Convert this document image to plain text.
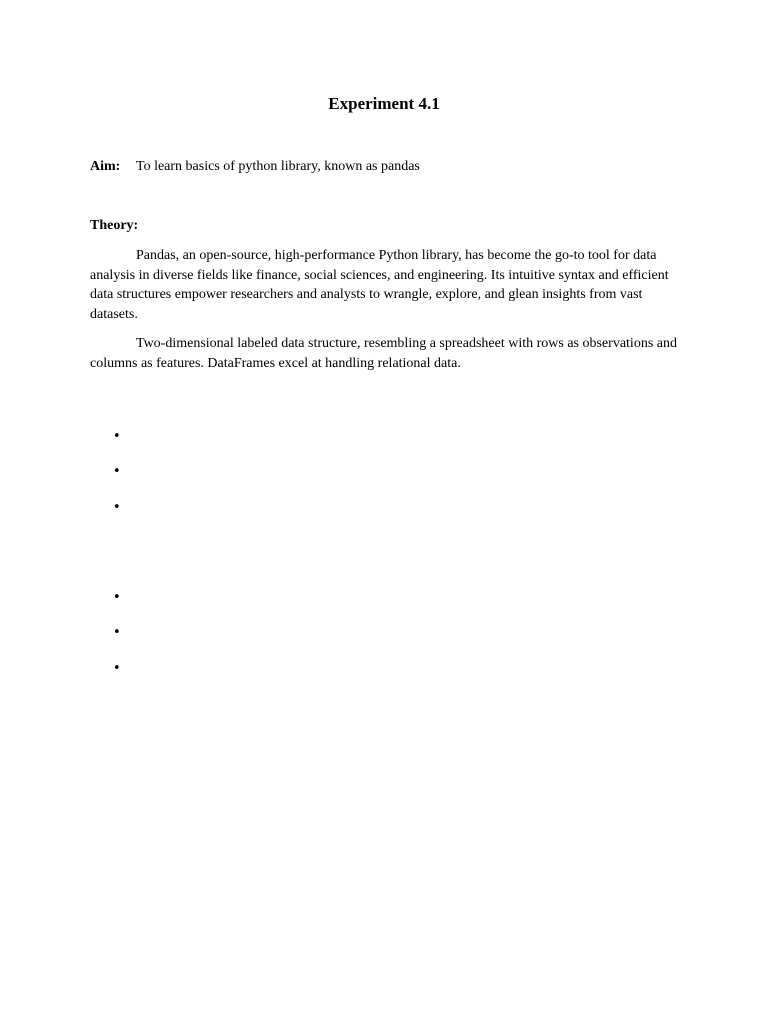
Experiment 4.1
Aim: To learn basics of python library, known as pandas
Theory:

Pandas, an open-source, high-performance Python library, has become the go-to tool for data analysis in diverse fields like finance, social sciences, and engineering. Its intuitive syntax and efficient data structures empower researchers and analysts to wrangle, explore, and glean insights from vast datasets.

Two-dimensional labeled data structure, resembling a spreadsheet with rows as observations and columns as features. DataFrames excel at handling relational data.

•
•
•
•
•
•
